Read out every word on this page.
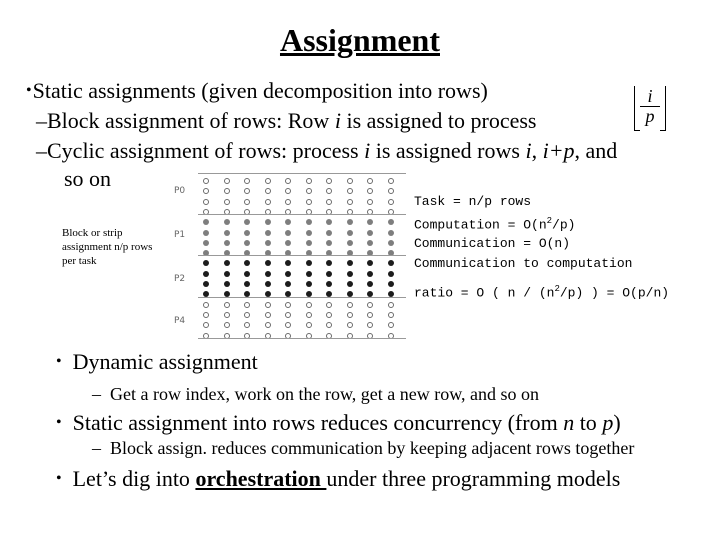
Assignment
•Static assignments (given decomposition into rows)
–Block assignment of rows: Row i is assigned to process
i
p
–Cyclic assignment of rows: process i is assigned rows i, i+p, and
so on
Block or strip assignment n/p rows per task
P0
P1
P2
P4
Task = n/p rows
Computation = $O(n^2/p)$
Communication = O(n)
Communication to computation
ratio = O ( n / $(n^2/p)$ ) = O(p/n)
• Dynamic assignment
– Get a row index, work on the row, get a new row, and so on
• Static assignment into rows reduces concurrency (from n to p)
– Block assign. reduces communication by keeping adjacent rows together
• Let’s dig into orchestration under three programming models
